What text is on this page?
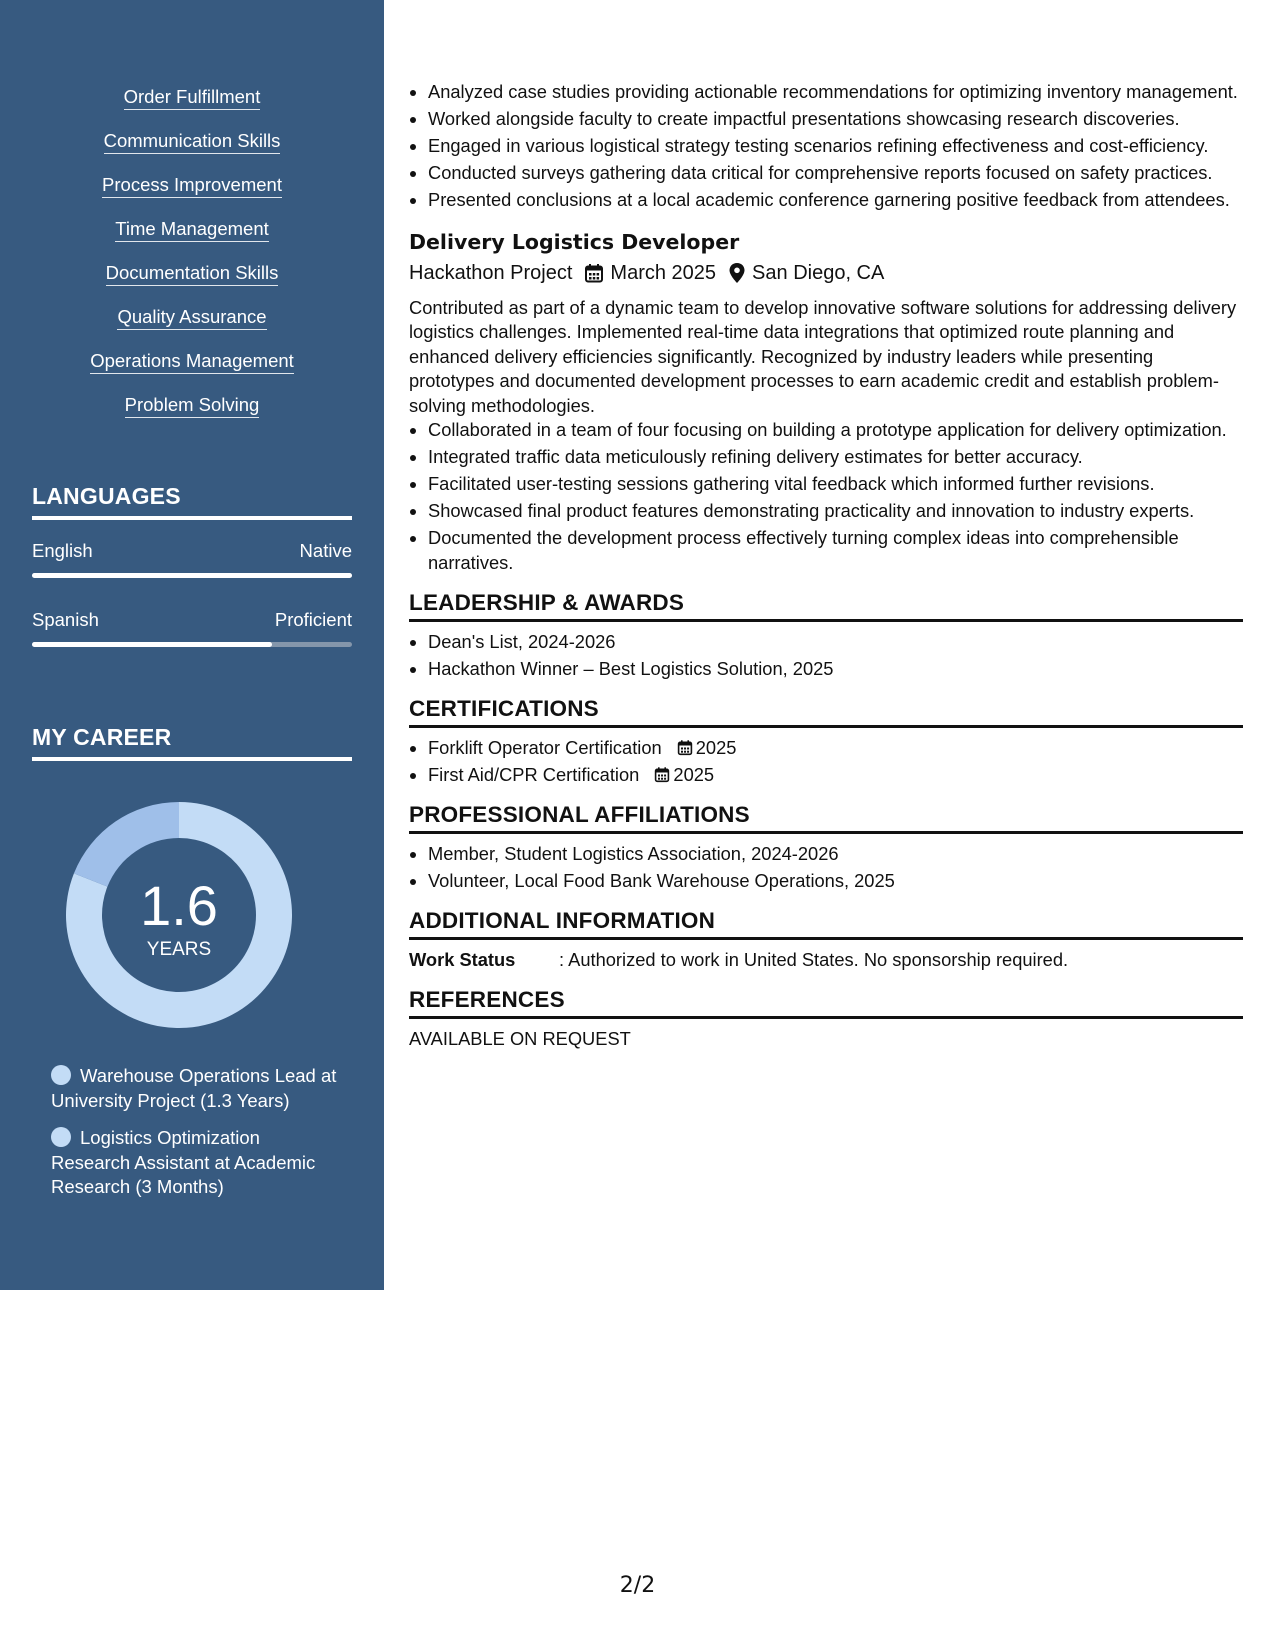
Order Fulfillment
Communication Skills
Process Improvement
Time Management
Documentation Skills
Quality Assurance
Operations Management
Problem Solving
LANGUAGES
English	Native
Spanish	Proficient
MY CAREER
1.6
YEARS
Warehouse Operations Lead at University Project (1.3 Years)
Logistics Optimization Research Assistant at Academic Research (3 Months)
• Analyzed case studies providing actionable recommendations for optimizing inventory management.
• Worked alongside faculty to create impactful presentations showcasing research discoveries.
• Engaged in various logistical strategy testing scenarios refining effectiveness and cost-efficiency.
• Conducted surveys gathering data critical for comprehensive reports focused on safety practices.
• Presented conclusions at a local academic conference garnering positive feedback from attendees.
Delivery Logistics Developer
Hackathon Project March 2025 San Diego, CA
Contributed as part of a dynamic team to develop innovative software solutions for addressing delivery logistics challenges. Implemented real-time data integrations that optimized route planning and enhanced delivery efficiencies significantly. Recognized by industry leaders while presenting prototypes and documented development processes to earn academic credit and establish problem-solving methodologies.
• Collaborated in a team of four focusing on building a prototype application for delivery optimization.
• Integrated traffic data meticulously refining delivery estimates for better accuracy.
• Facilitated user-testing sessions gathering vital feedback which informed further revisions.
• Showcased final product features demonstrating practicality and innovation to industry experts.
• Documented the development process effectively turning complex ideas into comprehensible narratives.
LEADERSHIP & AWARDS
• Dean's List, 2024-2026
• Hackathon Winner – Best Logistics Solution, 2025
CERTIFICATIONS
• Forklift Operator Certification 2025
• First Aid/CPR Certification 2025
PROFESSIONAL AFFILIATIONS
• Member, Student Logistics Association, 2024-2026
• Volunteer, Local Food Bank Warehouse Operations, 2025
ADDITIONAL INFORMATION
Work Status	: Authorized to work in United States. No sponsorship required.
REFERENCES
AVAILABLE ON REQUEST
2/2
